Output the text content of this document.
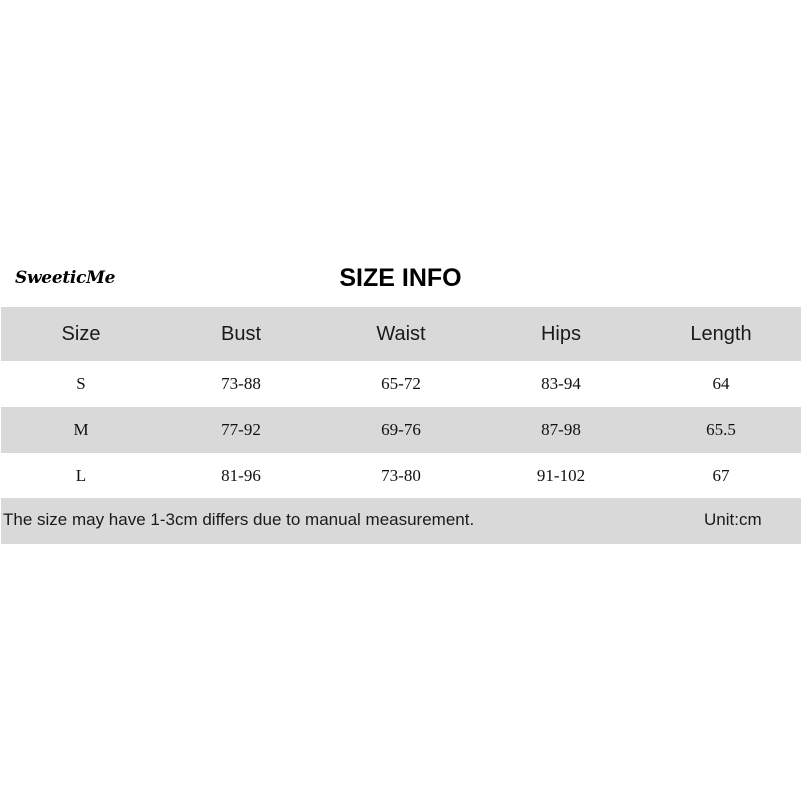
SweeticMe	SIZE INFO
Size	Bust	Waist	Hips	Length
S	73-88	65-72	83-94	64
M	77-92	69-76	87-98	65.5
L	81-96	73-80	91-102	67
The size may have 1-3cm differs due to manual measurement.	Unit:cm
